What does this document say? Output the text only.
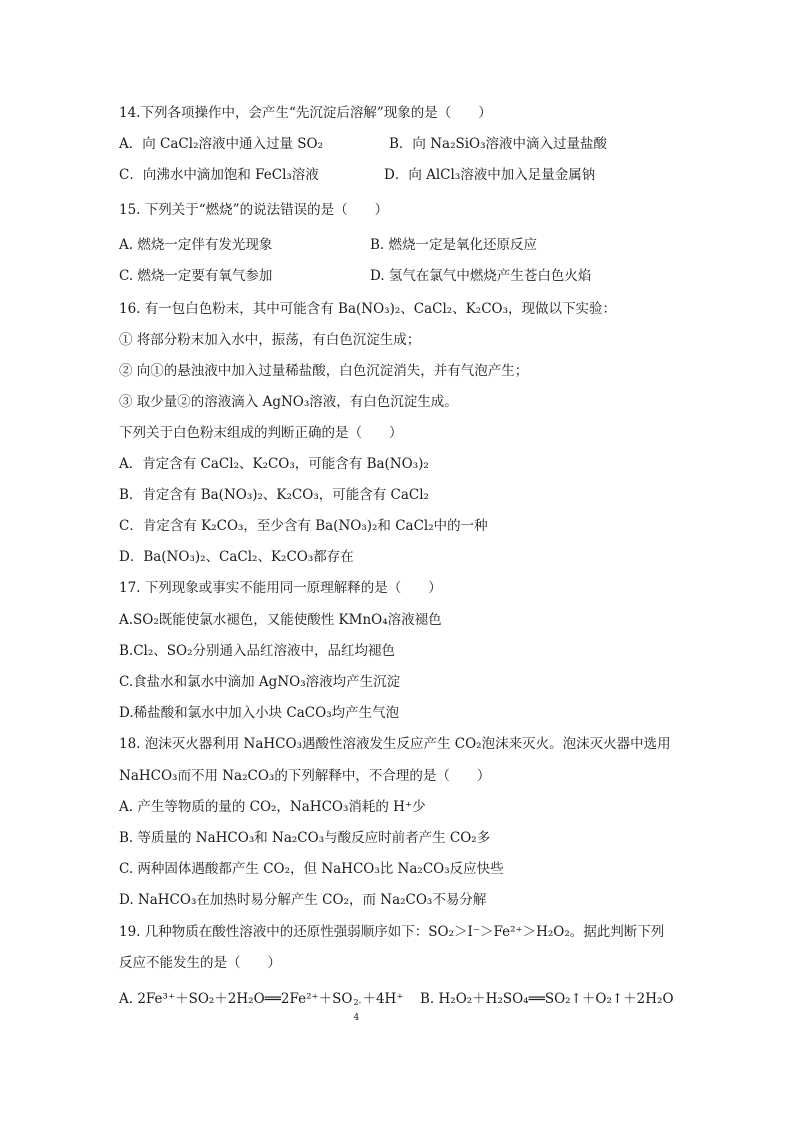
14.下列各项操作中，会产生“先沉淀后溶解”现象的是（　　）
A．向 CaCl₂溶液中通入过量 SO₂	B．向 Na₂SiO₃溶液中滴入过量盐酸
C．向沸水中滴加饱和 FeCl₃溶液	D．向 AlCl₃溶液中加入足量金属钠
15. 下列关于“燃烧”的说法错误的是（　　）
A. 燃烧一定伴有发光现象	B. 燃烧一定是氧化还原反应
C. 燃烧一定要有氧气参加	D. 氢气在氯气中燃烧产生苍白色火焰
16. 有一包白色粉末，其中可能含有 Ba(NO₃)₂、CaCl₂、K₂CO₃，现做以下实验：
① 将部分粉末加入水中，振荡，有白色沉淀生成；
② 向①的悬浊液中加入过量稀盐酸，白色沉淀消失，并有气泡产生；
③ 取少量②的溶液滴入 AgNO₃溶液，有白色沉淀生成。
下列关于白色粉末组成的判断正确的是（　　）
A．肯定含有 CaCl₂、K₂CO₃，可能含有 Ba(NO₃)₂
B．肯定含有 Ba(NO₃)₂、K₂CO₃，可能含有 CaCl₂
C．肯定含有 K₂CO₃，至少含有 Ba(NO₃)₂和 CaCl₂中的一种
D．Ba(NO₃)₂、CaCl₂、K₂CO₃都存在
17. 下列现象或事实不能用同一原理解释的是（　　）
A.SO₂既能使氯水褪色，又能使酸性 KMnO₄溶液褪色
B.Cl₂、SO₂分别通入品红溶液中，品红均褪色
C.食盐水和氯水中滴加 AgNO₃溶液均产生沉淀
D.稀盐酸和氯水中加入小块 CaCO₃均产生气泡
18. 泡沫灭火器利用 NaHCO₃遇酸性溶液发生反应产生 CO₂泡沫来灭火。泡沫灭火器中选用
NaHCO₃而不用 Na₂CO₃的下列解释中，不合理的是（　　）
A. 产生等物质的量的 CO₂，NaHCO₃消耗的 H⁺少
B. 等质量的 NaHCO₃和 Na₂CO₃与酸反应时前者产生 CO₂多
C. 两种固体遇酸都产生 CO₂，但 NaHCO₃比 Na₂CO₃反应快些
D. NaHCO₃在加热时易分解产生 CO₂，而 Na₂CO₃不易分解
19. 几种物质在酸性溶液中的还原性强弱顺序如下：SO₂＞I⁻＞Fe²⁺＞H₂O₂。据此判断下列
反应不能发生的是（　　）
A. 2Fe³⁺＋SO₂＋2H₂O══2Fe²⁺＋SO 2-
4
＋4H⁺ B. H₂O₂＋H₂SO₄══SO₂↑＋O₂↑＋2H₂O
